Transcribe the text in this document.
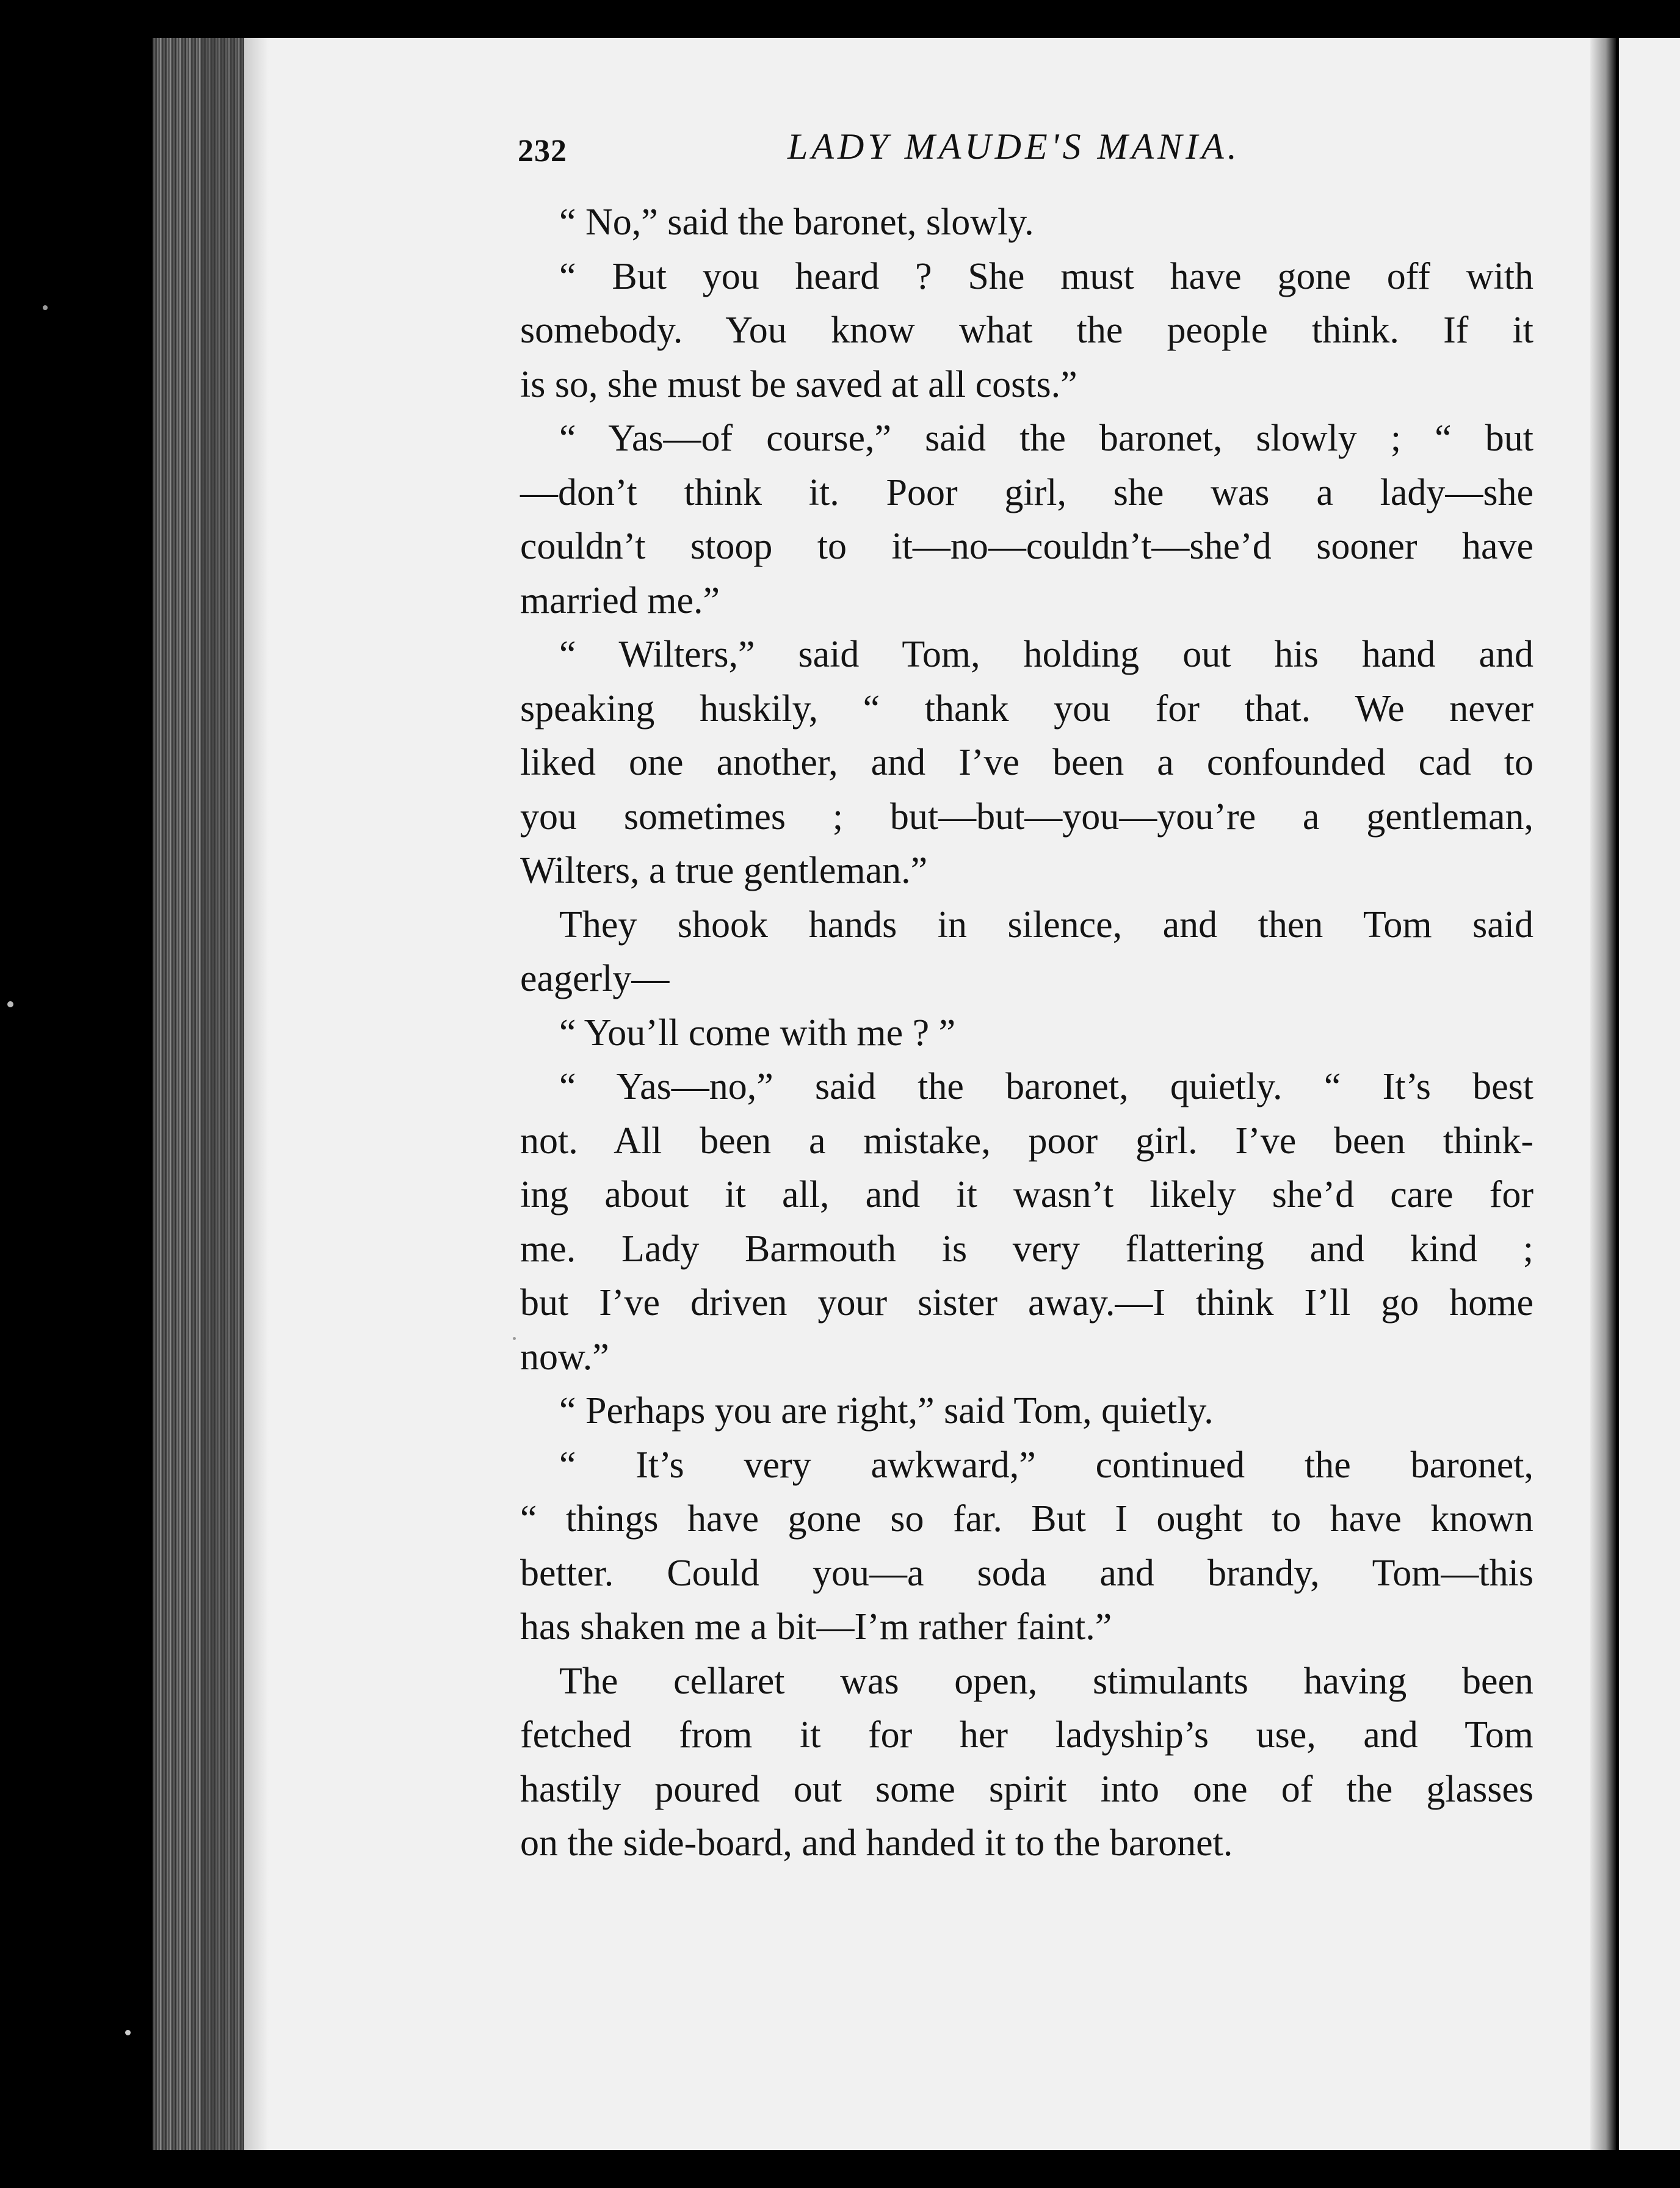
232	LADY MAUDE'S MANIA.
“ No,” said the baronet, slowly.
“ But you heard ? She must have gone off with
somebody. You know what the people think. If it
is so, she must be saved at all costs.”
“ Yas—of course,” said the baronet, slowly ; “ but
—don’t think it. Poor girl, she was a lady—she
couldn’t stoop to it—no—couldn’t—she’d sooner have
married me.”
“ Wilters,” said Tom, holding out his hand and
speaking huskily, “ thank you for that. We never
liked one another, and I’ve been a confounded cad to
you sometimes ; but—but—you—you’re a gentleman,
Wilters, a true gentleman.”
They shook hands in silence, and then Tom said
eagerly—
“ You’ll come with me ? ”
“ Yas—no,” said the baronet, quietly. “ It’s best
not. All been a mistake, poor girl. I’ve been think-
ing about it all, and it wasn’t likely she’d care for
me. Lady Barmouth is very flattering and kind ;
but I’ve driven your sister away.—I think I’ll go home
now.”
“ Perhaps you are right,” said Tom, quietly.
“ It’s very awkward,” continued the baronet,
“ things have gone so far. But I ought to have known
better. Could you—a soda and brandy, Tom—this
has shaken me a bit—I’m rather faint.”
The cellaret was open, stimulants having been
fetched from it for her ladyship’s use, and Tom
hastily poured out some spirit into one of the glasses
on the side-board, and handed it to the baronet.
